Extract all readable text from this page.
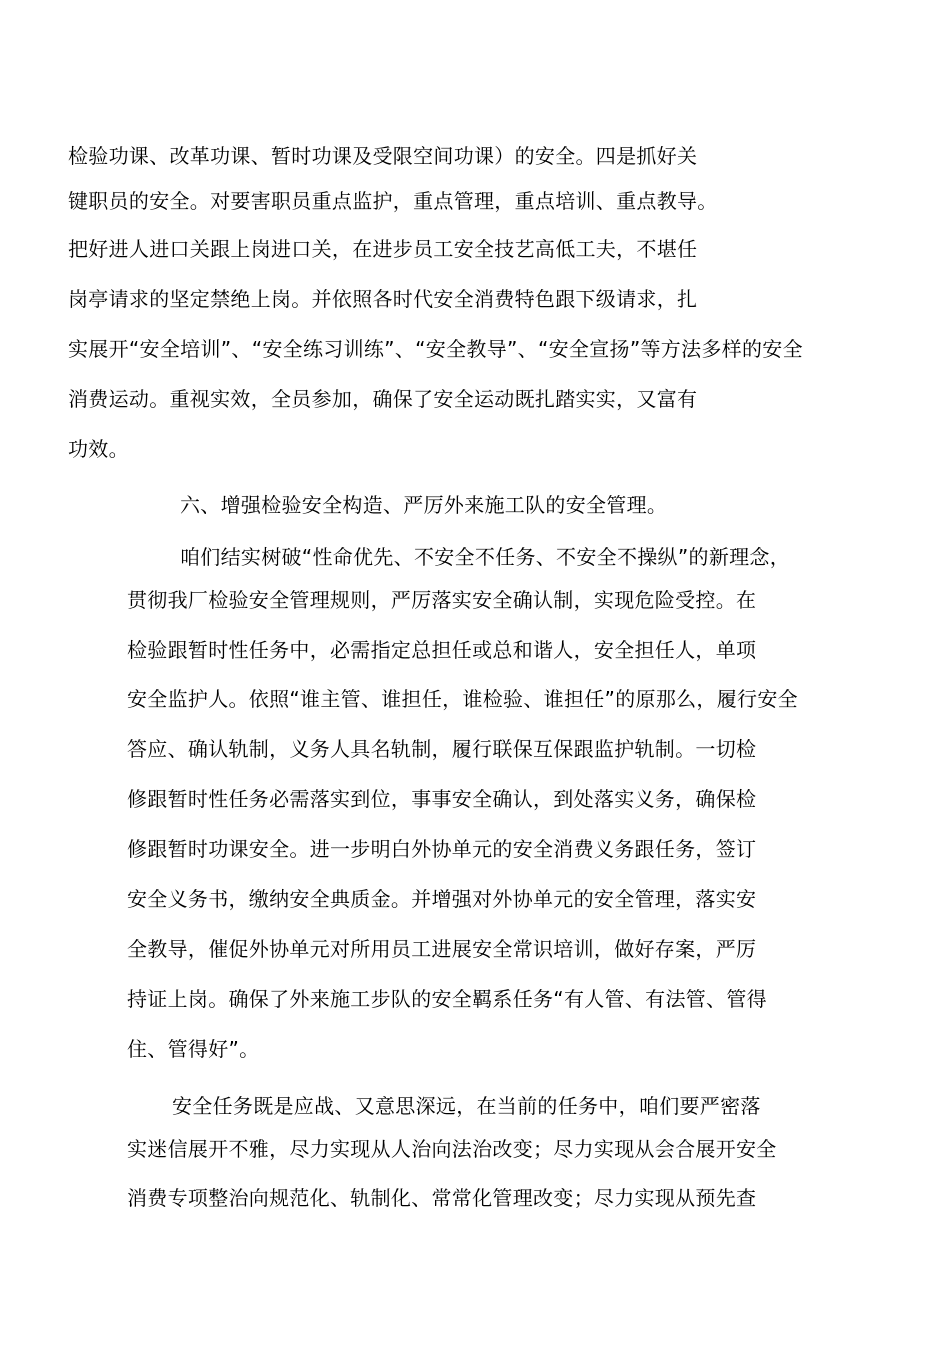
检验功课、改革功课、暂时功课及受限空间功课）的安全。四是抓好关
键职员的安全。对要害职员重点监护，重点管理，重点培训、重点教导。
把好进人进口关跟上岗进口关，在进步员工安全技艺高低工夫，不堪任
岗亭请求的坚定禁绝上岗。并依照各时代安全消费特色跟下级请求，扎
实展开“安全培训”、“安全练习训练”、“安全教导”、“安全宣扬”等方法多样的安全
消费运动。重视实效，全员参加，确保了安全运动既扎踏实实，又富有
功效。
六、增强检验安全构造、严厉外来施工队的安全管理。
咱们结实树破“性命优先、不安全不任务、不安全不操纵”的新理念，
贯彻我厂检验安全管理规则，严厉落实安全确认制，实现危险受控。在
检验跟暂时性任务中，必需指定总担任或总和谐人，安全担任人，单项
安全监护人。依照“谁主管、谁担任，谁检验、谁担任”的原那么，履行安全
答应、确认轨制，义务人具名轨制，履行联保互保跟监护轨制。一切检
修跟暂时性任务必需落实到位，事事安全确认，到处落实义务，确保检
修跟暂时功课安全。进一步明白外协单元的安全消费义务跟任务，签订
安全义务书，缴纳安全典质金。并增强对外协单元的安全管理，落实安
全教导，催促外协单元对所用员工进展安全常识培训，做好存案，严厉
持证上岗。确保了外来施工步队的安全羁系任务“有人管、有法管、管得
住、管得好”。
安全任务既是应战、又意思深远，在当前的任务中，咱们要严密落
实迷信展开不雅，尽力实现从人治向法治改变；尽力实现从会合展开安全
消费专项整治向规范化、轨制化、常常化管理改变；尽力实现从预先查
